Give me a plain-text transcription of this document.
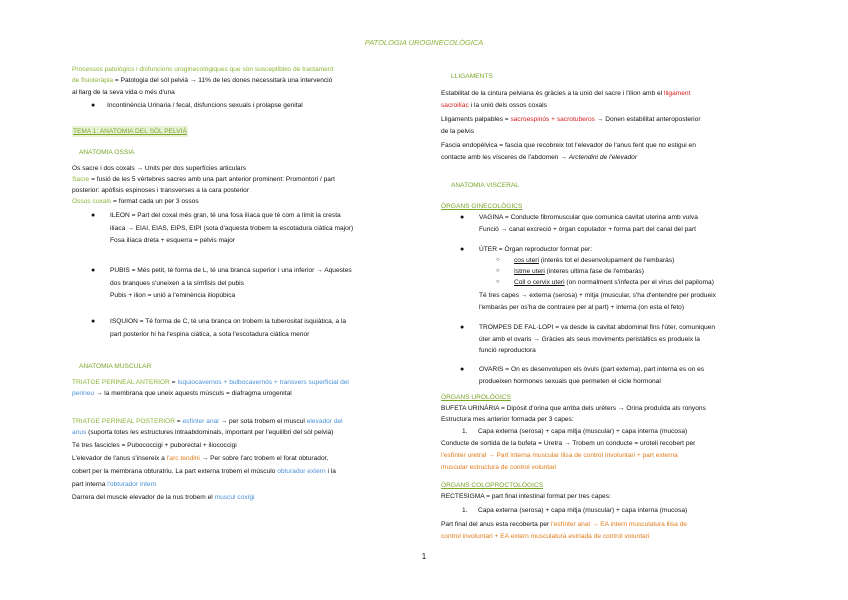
PATOLOGIA UROGINECOLÒGICA
Processos patològics i disfuncions uroginecològiques que són susceptibles de tractament
de fisioteràpia = Patologia del sòl pelvià → 11% de les dones necessitarà una intervenció
al llarg de la seva vida o més d'una
● Incontinència Urinaria / fecal, disfuncions sexuals i prolapse genital
TEMA 1: ANATOMIA DEL SÒL PELVIÀ
ANATOMIA OSSIA
Os sacre i dos coxals → Units per dos superfícies articulars
Sacre = fusió de les 5 vèrtebres sacres amb una part anterior prominent: Promontori / part
posterior: apòfisis espinoses i transverses a la cara posterior
Ossos coxals = format cada un per 3 ossos
● ILEON = Part del coxal més gran, té una fosa ilíaca que té com a límit la cresta
ilíaca → EIAI, EIAS, EIPS, EIPI (sota d'aquesta trobem la escotadura ciàtica major)
Fosa ilíaca dreta + esquerra = pelvis major
● PUBIS = Més petit, té forma de L, té una branca superior i una inferior → Aquestes
dos branques s'uneixen a la símfisis del pubis
Pubis + ilion = unió a l'eminència iliopúbica
● ISQUION = Té forma de C, té una branca on trobem la tuberositat isquiàtica, a la
part posterior hi ha l'espina ciàtica, a sota l'escotadura ciàtica menor
ANATOMIA MUSCULAR
TRIATGE PERINEAL ANTERIOR = Isquiocavernos + bulbocavernós + transvers superficial del
perineu → la membrana que uneix aquests músculs = diafragma urogenital
TRIATGE PERINEAL POSTERIOR = esfínter anal → per sota trobem el muscul elevador del
anus (suporta totes les estructures intraabdominals, important per l'equilibri del sòl pelvià)
Té tres fascicles = Pubococcigi + puborectal + iliococcigi
L'elevador de l'anus s'insereix a l'arc tendini → Per sobre l'arc trobem el forat obturador,
cobert per la membrana obturatriu. La part externa trobem el músculo obturador extern i la
part interna l'obturador intern
Darrera del muscle elevador de la nus trobem el muscul coxígi
LLIGAMENTS
Estabilitat de la cintura pelviana és gràcies a la unió del sacre i l'ilion amb el lligament
sacroilíac i la unió dels ossos coxals
Lligaments palpables = sacroespinós + sacrotuberos → Donen estabilitat anteroposterior
de la pelvis
Fascia endopèlvica = fascia que recobreix tot l'elevador de l'anus fent que no estigui en
contacte amb les vísceres de l'abdomen → Arctendini de l'elevador
ANATOMIA VISCERAL
ÒRGANS GINECOLÒGICS
● VAGINA = Conducte fibromuscular que comunica cavitat uterina amb vulva
Funció → canal excreció + òrgan copulador + forma part del canal del part
● ÚTER = Òrgan reproductor format per:
○ cos uteri (interès tot el desenvolupament de l'embaràs)
○ Istme uteri (interes ultima fase de l'embaràs)
○ Coll o cervix uteri (on normalment s'infecta per el virus del papiloma)
Té tres capes → externa (serosa) + mitja (muscular, s'ha d'entendre per produeix
l'embaràs per os'ha de contraure per al part) + interna (on esta el feto)
● TROMPES DE FAL·LOPI = va desde la cavitat abdominal fins l'úter, comuniquen
úter amb el ovaris → Gràcies als seus moviments peristàltics es produeix la
funció reproductora
● OVARIS = On es desenvolupen els òvuls (part externa), part interna es on es
produeixen hormones sexuals que permeten el cicle hormonal
ÒRGANS UROLÒGICS
BUFETA URINÀRIA = Dipòsit d'orina que arriba dels urèters → Orina produïda als ronyons
Estructura mes anterior formada per 3 capes:
1. Capa externa (serosa) + capa mitja (muscular) + capa interna (mucosa)
Conducte de sortida de la bufeta = Uretra → Trobem un conducte = uroteli recobert per
l'esfínter uretral → Part interna muscular llisa de control involuntari + part externa
muscular estructura de control voluntari
ÒRGANS COLOPROCTOLÒGICS
RECTESIGMA = part final intestinal format per tres capes:
1. Capa externa (serosa) + capa mitja (muscular) + capa interna (mucosa)
Part final del anus esta recoberta per l'esfínter anal → EA intern musculatura llisa de
control involuntari + EA extern musculatura estriada de control voluntari
1
